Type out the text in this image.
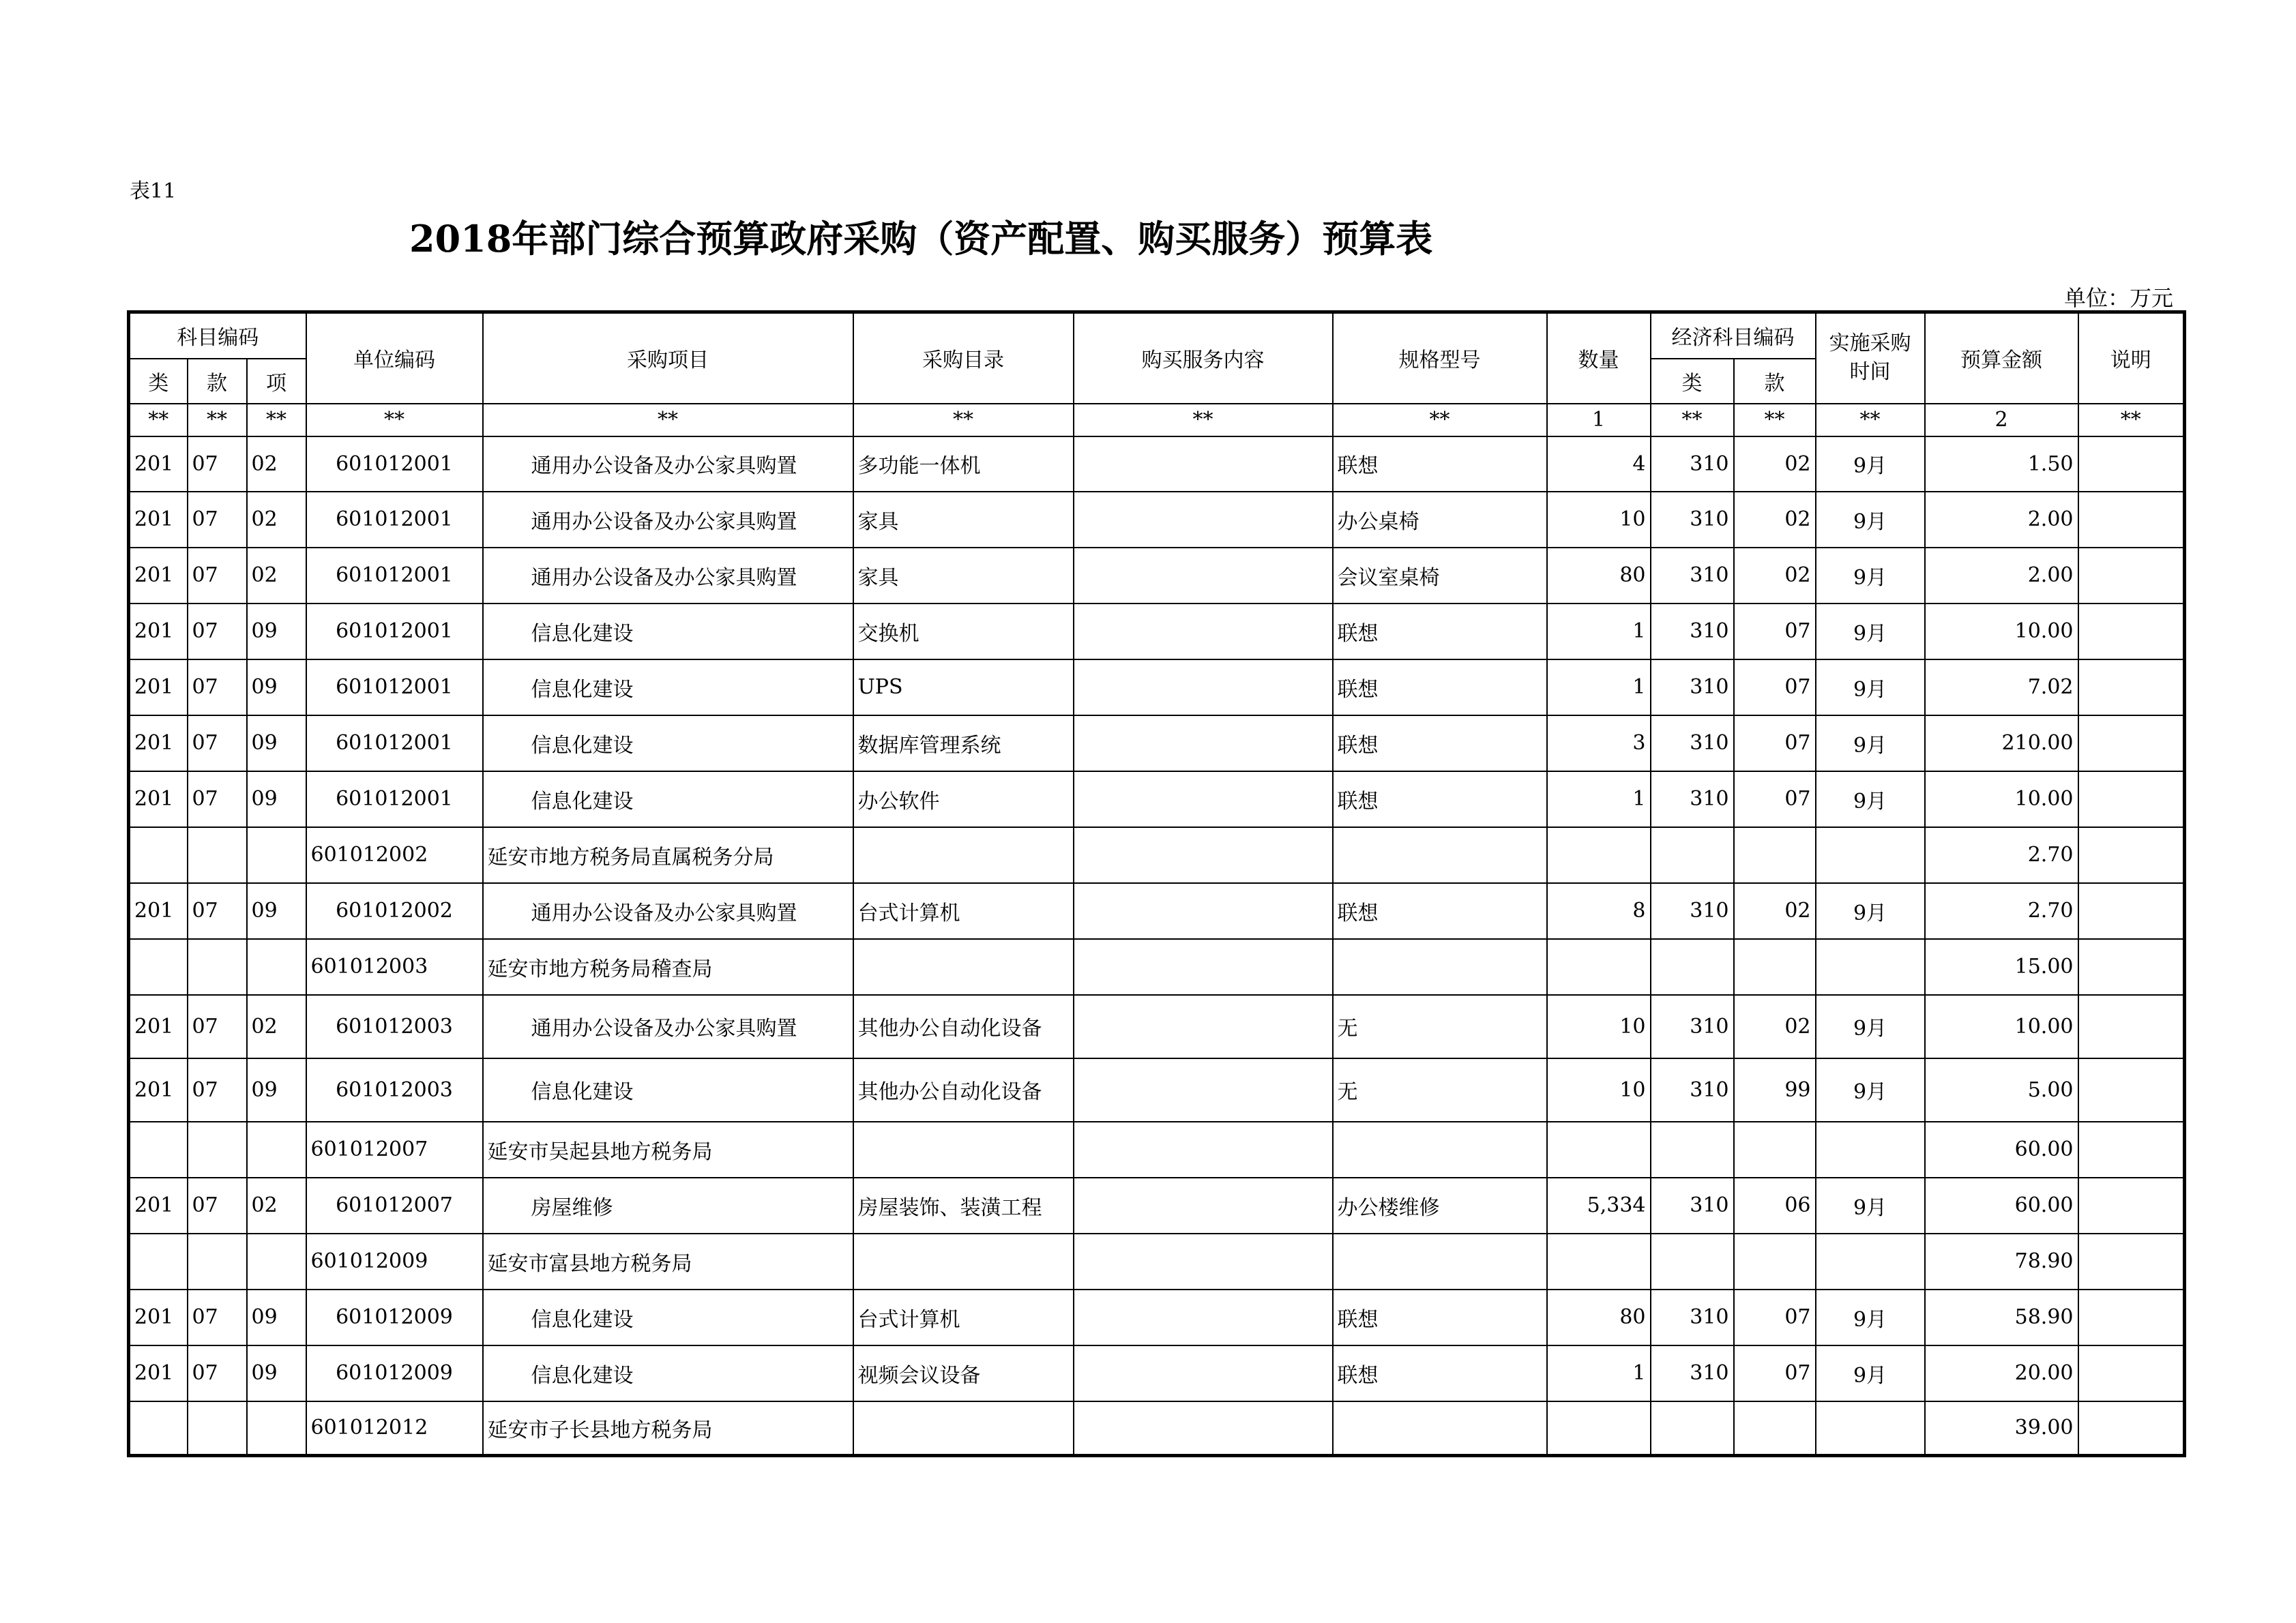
表11
2018年部门综合预算政府采购（资产配置、购买服务）预算表
单位：万元
科目编码			单位编码	采购项目	采购目录	购买服务内容	规格型号	数量	经济科目编码		实施采购时间	预算金额	说明
类	款	项							类	款			
**	**	**	**	**	**	**	**	1	**	**	**	2	**
201	07	02	601012001	通用办公设备及办公家具购置	多功能一体机		联想	4	310	02	9月	1.50	
201	07	02	601012001	通用办公设备及办公家具购置	家具		办公桌椅	10	310	02	9月	2.00	
201	07	02	601012001	通用办公设备及办公家具购置	家具		会议室桌椅	80	310	02	9月	2.00	
201	07	09	601012001	信息化建设	交换机		联想	1	310	07	9月	10.00	
201	07	09	601012001	信息化建设	UPS		联想	1	310	07	9月	7.02	
201	07	09	601012001	信息化建设	数据库管理系统		联想	3	310	07	9月	210.00	
201	07	09	601012001	信息化建设	办公软件		联想	1	310	07	9月	10.00	
			601012002	延安市地方税务局直属税务分局								2.70	
201	07	09	601012002	通用办公设备及办公家具购置	台式计算机		联想	8	310	02	9月	2.70	
			601012003	延安市地方税务局稽查局								15.00	
201	07	02	601012003	通用办公设备及办公家具购置	其他办公自动化设备		无	10	310	02	9月	10.00	
201	07	09	601012003	信息化建设	其他办公自动化设备		无	10	310	99	9月	5.00	
			601012007	延安市吴起县地方税务局								60.00	
201	07	02	601012007	房屋维修	房屋装饰、装潢工程		办公楼维修	5,334	310	06	9月	60.00	
			601012009	延安市富县地方税务局								78.90	
201	07	09	601012009	信息化建设	台式计算机		联想	80	310	07	9月	58.90	
201	07	09	601012009	信息化建设	视频会议设备		联想	1	310	07	9月	20.00	
			601012012	延安市子长县地方税务局								39.00	
